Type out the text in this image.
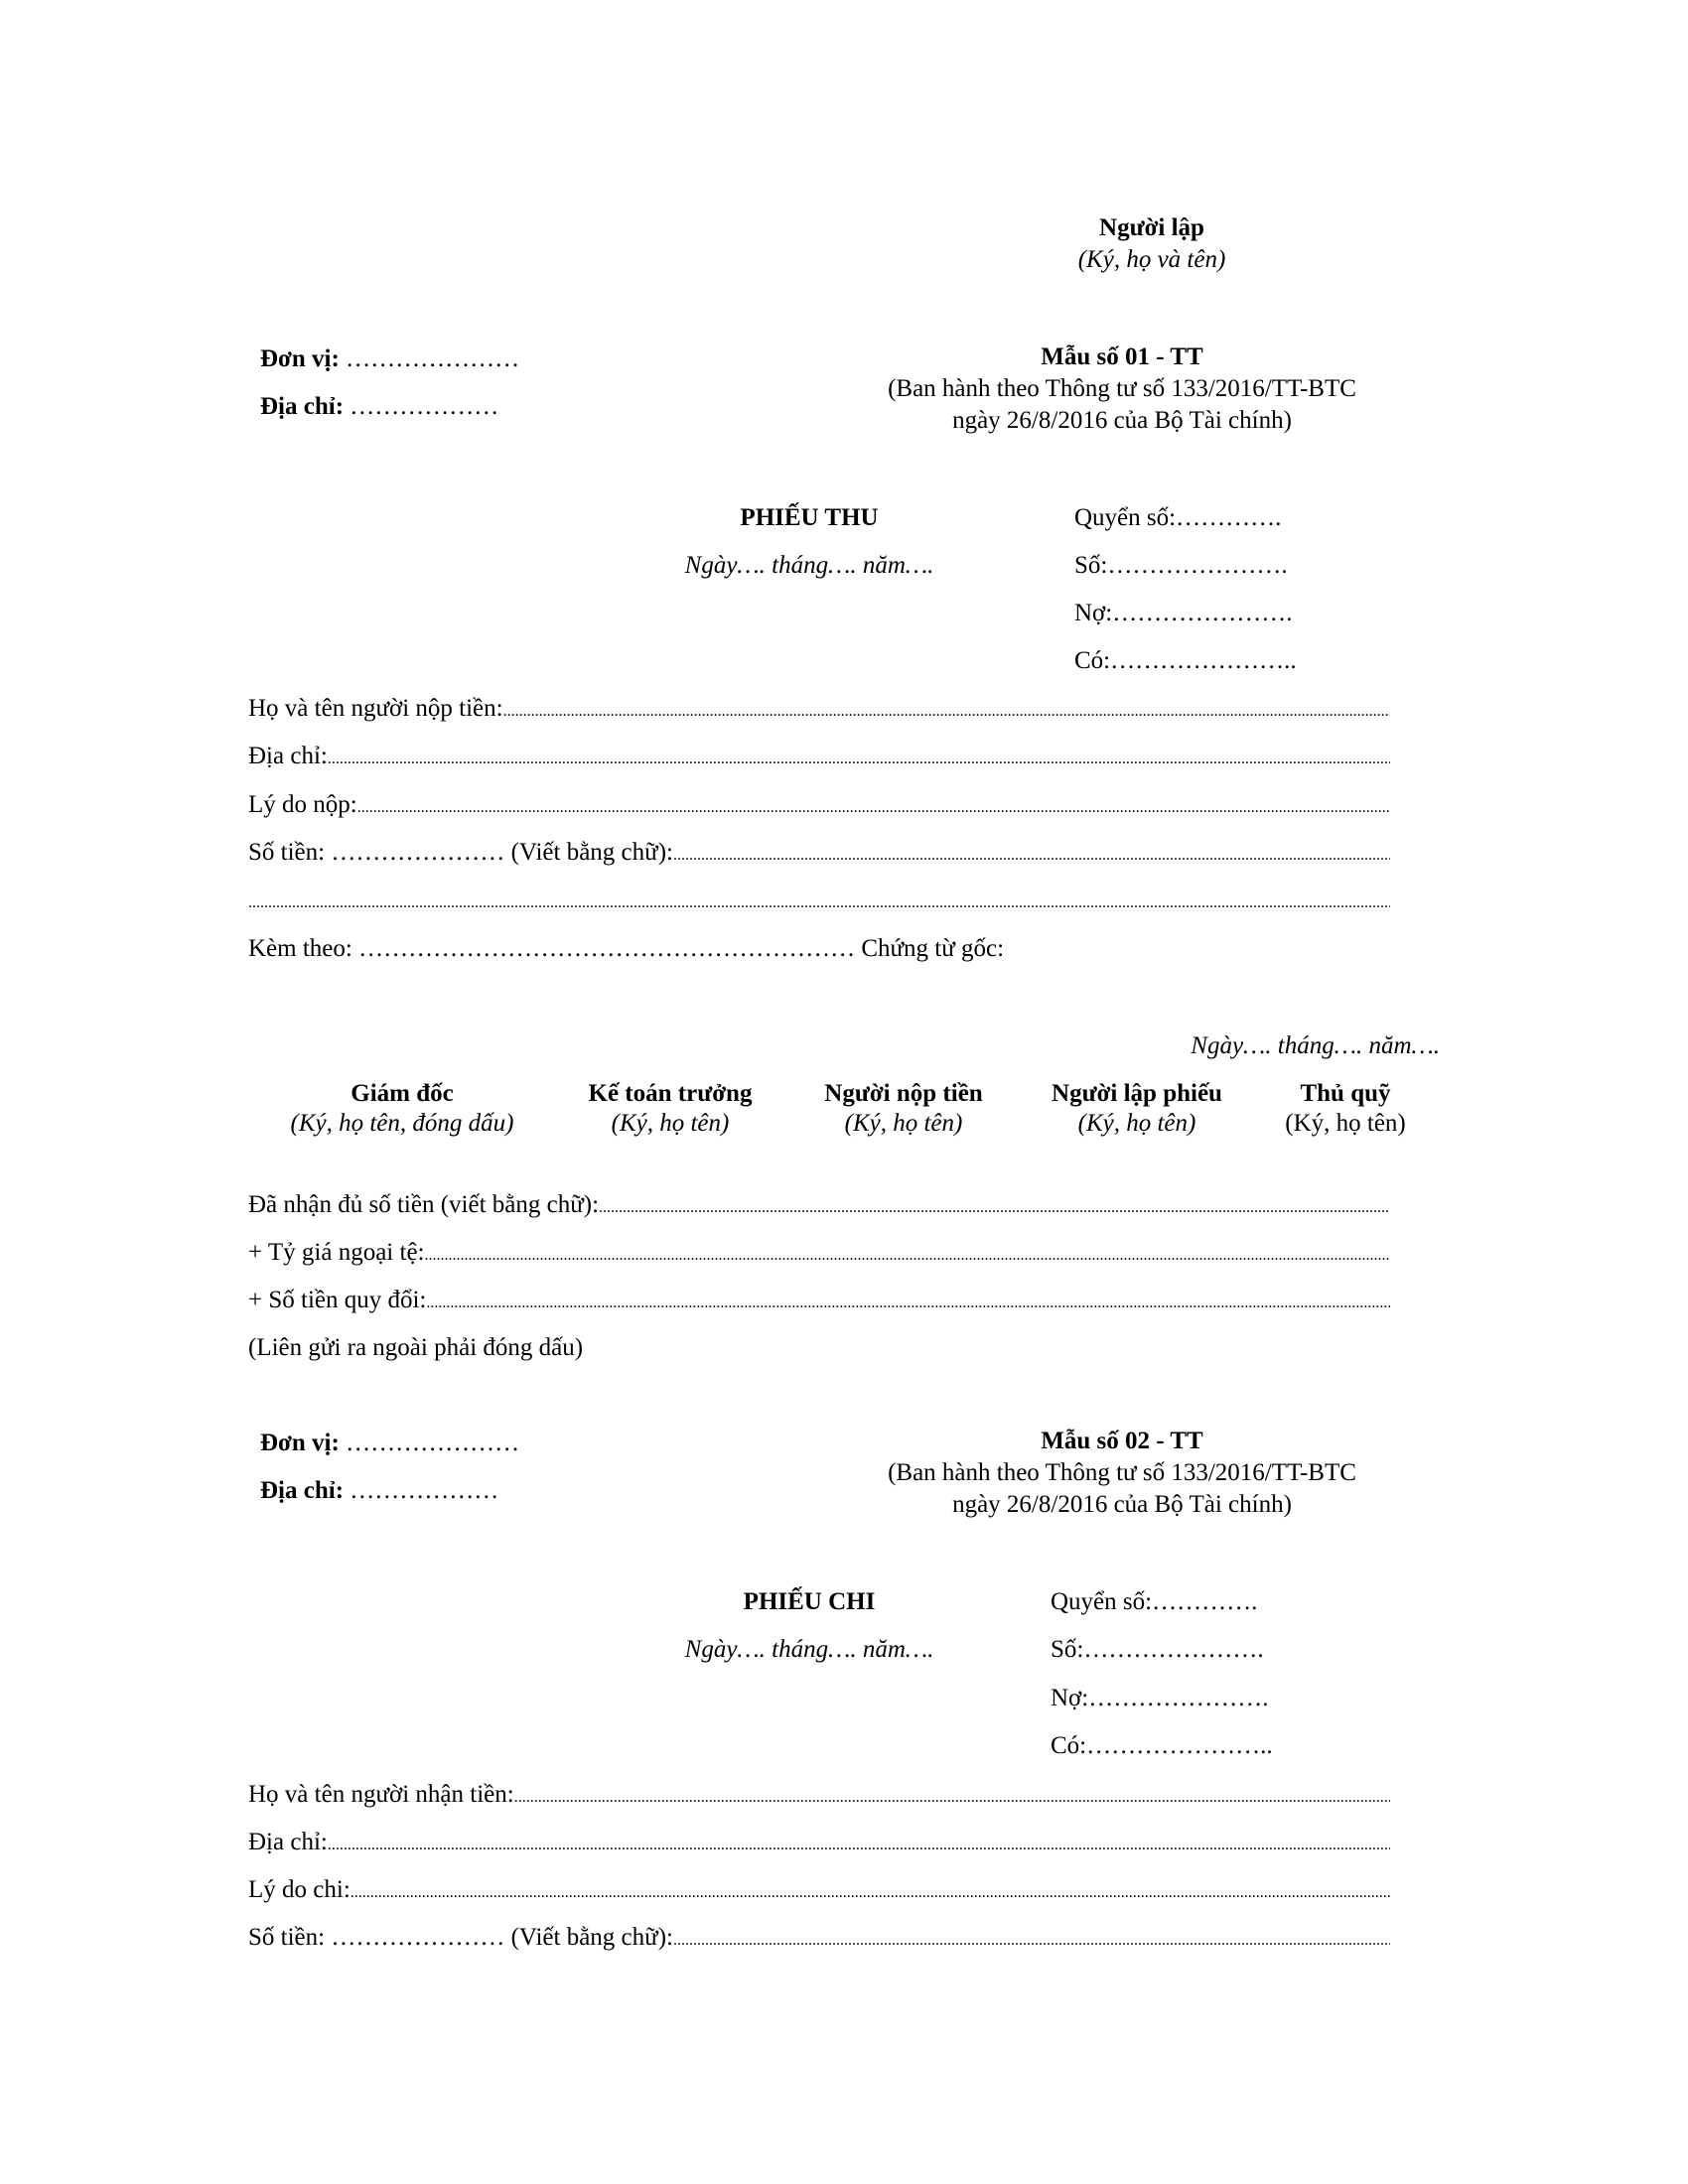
Người lập
(Ký, họ và tên)
Đơn vị: …………………
Địa chỉ: ………………
Mẫu số 01 - TT
(Ban hành theo Thông tư số 133/2016/TT-BTC
ngày 26/8/2016 của Bộ Tài chính)
PHIẾU THU
Ngày…. tháng…. năm….
Quyển số:………….
Số:………………….
Nợ:………………….
Có:…………………..
Họ và tên người nộp tiền:
.....
Địa chỉ:
.....
Lý do nộp:
.....
Số tiền: ………………… (Viết bằng chữ):
.....
.....
Kèm theo: …………………………………………………… Chứng từ gốc:
Ngày…. tháng…. năm….
Giám đốc
(Ký, họ tên, đóng dấu)
Kế toán trưởng
(Ký, họ tên)
Người nộp tiền
(Ký, họ tên)
Người lập phiếu
(Ký, họ tên)
Thủ quỹ
(Ký, họ tên)
Đã nhận đủ số tiền (viết bằng chữ):
.....
+ Tỷ giá ngoại tệ:
.....
+ Số tiền quy đổi:
.....
(Liên gửi ra ngoài phải đóng dấu)
Đơn vị: …………………
Địa chỉ: ………………
Mẫu số 02 - TT
(Ban hành theo Thông tư số 133/2016/TT-BTC
ngày 26/8/2016 của Bộ Tài chính)
PHIẾU CHI
Ngày…. tháng…. năm….
Quyển số:………….
Số:………………….
Nợ:………………….
Có:…………………..
Họ và tên người nhận tiền:
.....
Địa chỉ:
.....
Lý do chi:
.....
Số tiền: ………………… (Viết bằng chữ):
.....
